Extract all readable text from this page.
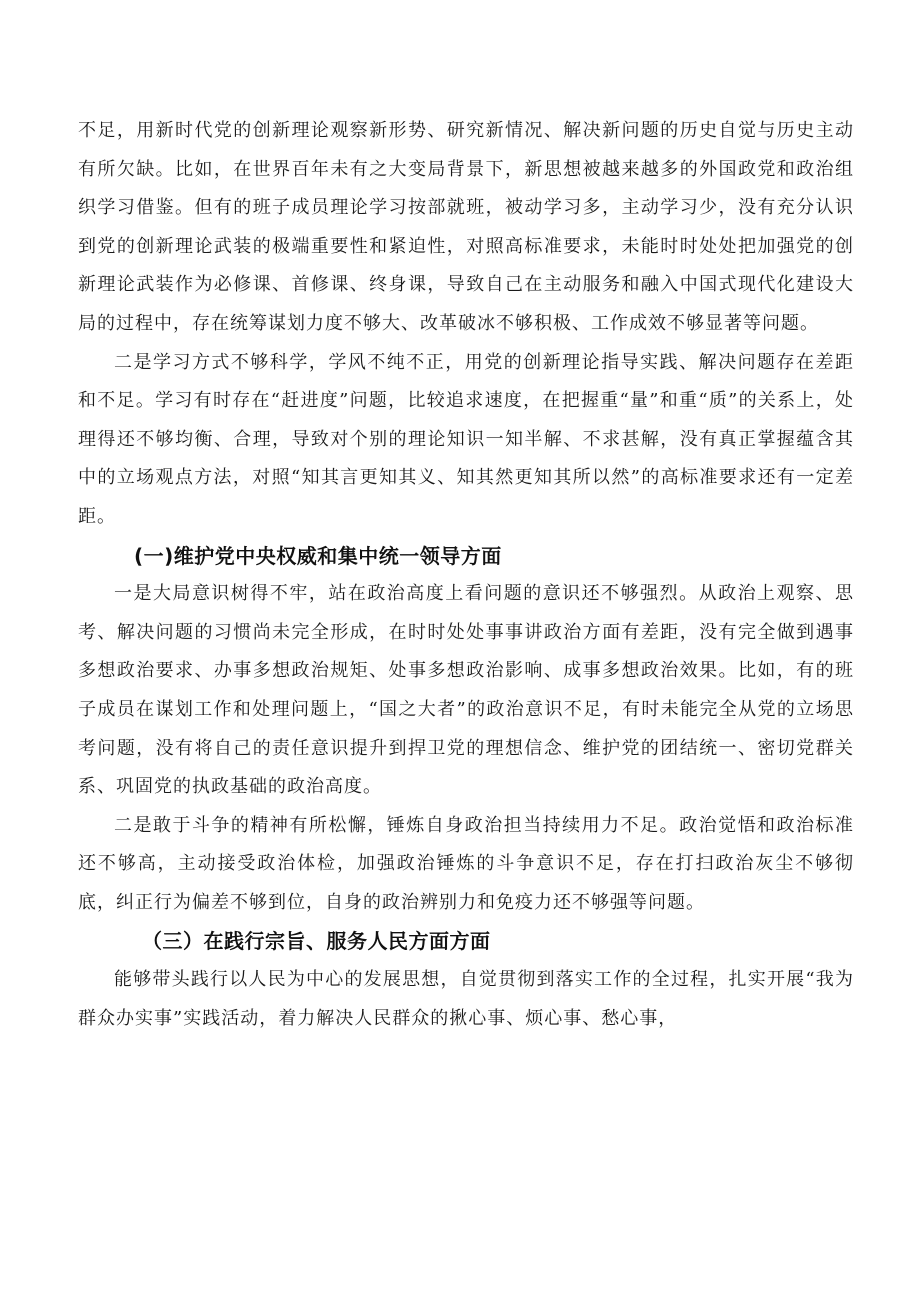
不足，用新时代党的创新理论观察新形势、研究新情况、解决新问题的历史自觉与历史主动有所欠缺。比如，在世界百年未有之大变局背景下，新思想被越来越多的外国政党和政治组织学习借鉴。但有的班子成员理论学习按部就班，被动学习多，主动学习少，没有充分认识到党的创新理论武装的极端重要性和紧迫性，对照高标准要求，未能时时处处把加强党的创新理论武装作为必修课、首修课、终身课，导致自己在主动服务和融入中国式现代化建设大局的过程中，存在统筹谋划力度不够大、改革破冰不够积极、工作成效不够显著等问题。

二是学习方式不够科学，学风不纯不正，用党的创新理论指导实践、解决问题存在差距和不足。学习有时存在“赶进度”问题，比较追求速度，在把握重“量”和重“质”的关系上，处理得还不够均衡、合理，导致对个别的理论知识一知半解、不求甚解，没有真正掌握蕴含其中的立场观点方法，对照“知其言更知其义、知其然更知其所以然”的高标准要求还有一定差距。

(一)维护党中央权威和集中统一领导方面

一是大局意识树得不牢，站在政治高度上看问题的意识还不够强烈。从政治上观察、思考、解决问题的习惯尚未完全形成，在时时处处事事讲政治方面有差距，没有完全做到遇事多想政治要求、办事多想政治规矩、处事多想政治影响、成事多想政治效果。比如，有的班子成员在谋划工作和处理问题上，“国之大者”的政治意识不足，有时未能完全从党的立场思考问题，没有将自己的责任意识提升到捍卫党的理想信念、维护党的团结统一、密切党群关系、巩固党的执政基础的政治高度。

二是敢于斗争的精神有所松懈，锤炼自身政治担当持续用力不足。政治觉悟和政治标准还不够高，主动接受政治体检，加强政治锤炼的斗争意识不足，存在打扫政治灰尘不够彻底，纠正行为偏差不够到位，自身的政治辨别力和免疫力还不够强等问题。

（三）在践行宗旨、服务人民方面方面

能够带头践行以人民为中心的发展思想，自觉贯彻到落实工作的全过程，扎实开展“我为群众办实事”实践活动，着力解决人民群众的揪心事、烦心事、愁心事，
